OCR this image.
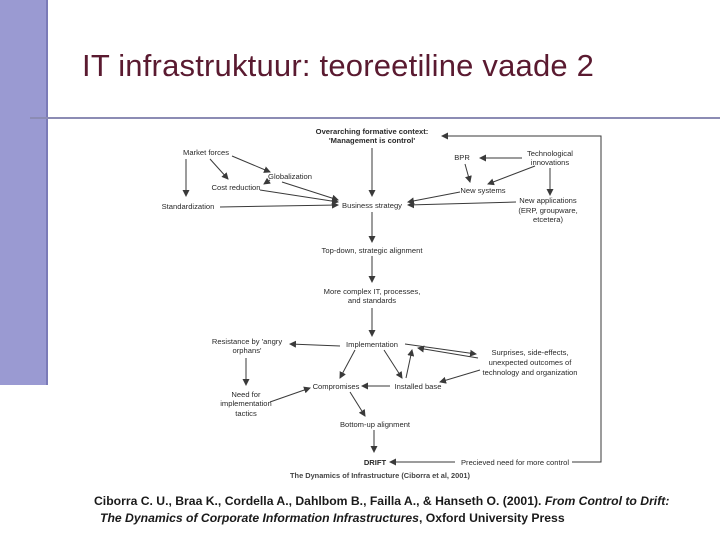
IT infrastruktuur: teoreetiline vaade 2
Overarching formative context:
'Management is control'
Market forces
Globalization
Cost reduction
Standardization
BPR	Technological
innovations
New systems
New applications
(ERP, groupware,
etcetera)
Business strategy
Top-down, strategic alignment
More complex IT, processes,
and standards
Implementation
Resistance by 'angry
orphans'	Surprises, side-effects,
unexpected outcomes of
technology and organization
Need for
implementation
tactics
Compromises	Installed base
Bottom-up alignment
DRIFT	Precieved need for more control
The Dynamics of Infrastructure (Ciborra et al, 2001)
Ciborra C. U., Braa K., Cordella A., Dahlbom B., Failla A., & Hanseth O. (2001). From Control to Drift:
The Dynamics of Corporate Information Infrastructures, Oxford University Press
